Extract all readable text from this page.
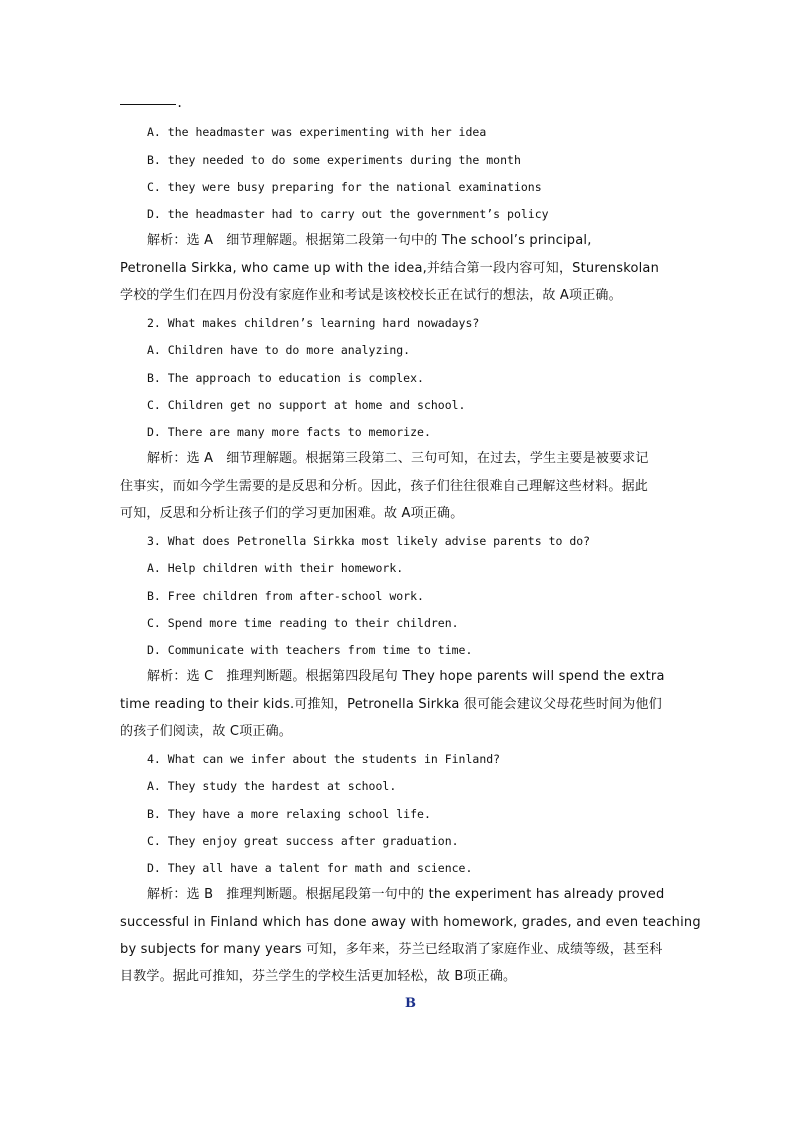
.
A. the headmaster was experimenting with her idea
B. they needed to do some experiments during the month
C. they were busy preparing for the national examinations
D. the headmaster had to carry out the government’s policy
解析：选 A   细节理解题。根据第二段第一句中的 The school’s principal,
Petronella Sirkka, who came up with the idea,并结合第一段内容可知，Sturenskolan
学校的学生们在四月份没有家庭作业和考试是该校校长正在试行的想法，故 A项正确。
2. What makes children’s learning hard nowadays?
A. Children have to do more analyzing.
B. The approach to education is complex.
C. Children get no support at home and school.
D. There are many more facts to memorize.
解析：选 A   细节理解题。根据第三段第二、三句可知，在过去，学生主要是被要求记
住事实，而如今学生需要的是反思和分析。因此，孩子们往往很难自己理解这些材料。据此
可知，反思和分析让孩子们的学习更加困难。故 A项正确。
3. What does Petronella Sirkka most likely advise parents to do?
A. Help children with their homework.
B. Free children from after-school work.
C. Spend more time reading to their children.
D. Communicate with teachers from time to time.
解析：选 C   推理判断题。根据第四段尾句 They hope parents will spend the extra
time reading to their kids.可推知，Petronella Sirkka 很可能会建议父母花些时间为他们
的孩子们阅读，故 C项正确。
4. What can we infer about the students in Finland?
A. They study the hardest at school.
B. They have a more relaxing school life.
C. They enjoy great success after graduation.
D. They all have a talent for math and science.
解析：选 B   推理判断题。根据尾段第一句中的 the experiment has already proved
successful in Finland which has done away with homework, grades, and even teaching
by subjects for many years 可知，多年来，芬兰已经取消了家庭作业、成绩等级，甚至科
目教学。据此可推知，芬兰学生的学校生活更加轻松，故 B项正确。
B
